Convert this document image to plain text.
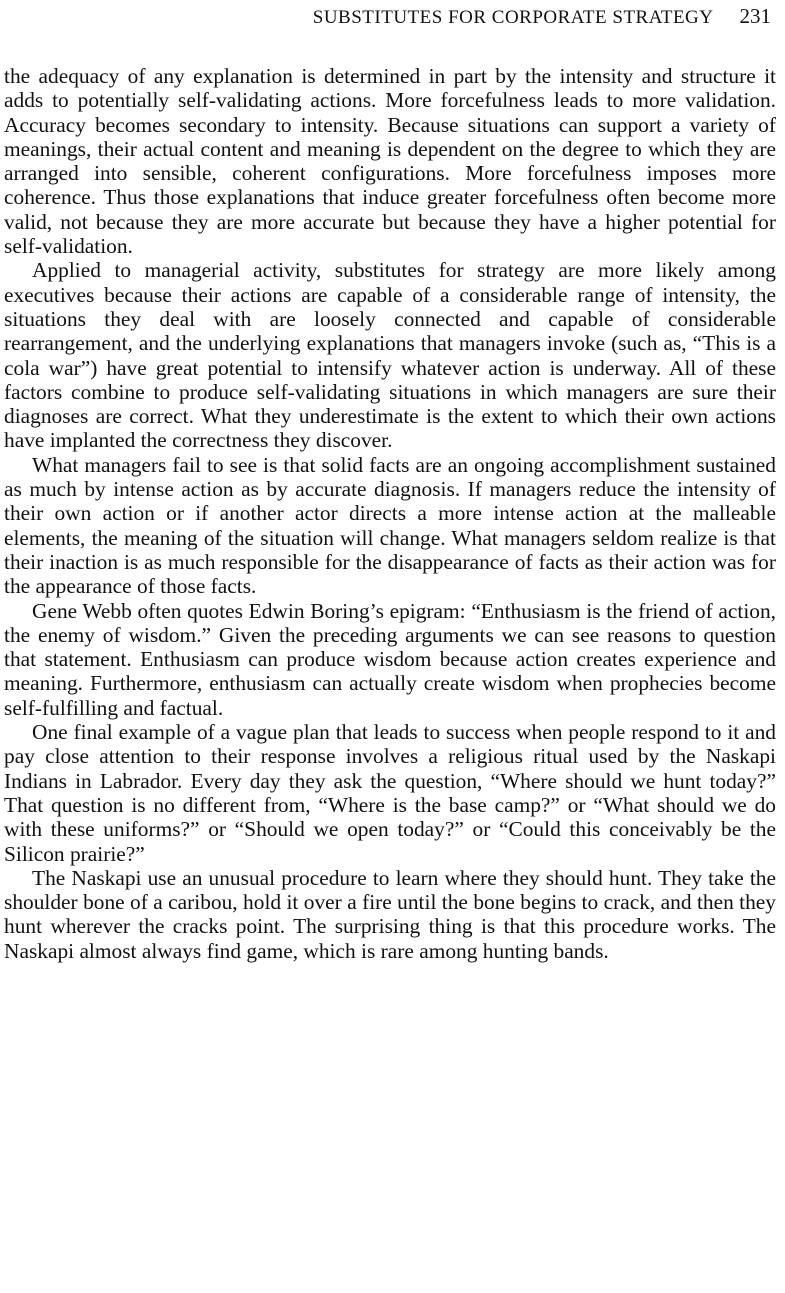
SUBSTITUTES FOR CORPORATE STRATEGY 231

the adequacy of any explanation is determined in part by the intensity and structure it adds to potentially self-validating actions. More forcefulness leads to more validation. Accuracy becomes secondary to intensity. Because situations can support a variety of meanings, their actual content and meaning is dependent on the degree to which they are arranged into sensible, coherent configurations. More forcefulness imposes more coherence. Thus those explanations that induce greater forcefulness often become more valid, not because they are more accurate but because they have a higher potential for self-validation.

Applied to managerial activity, substitutes for strategy are more likely among executives because their actions are capable of a considerable range of intensity, the situations they deal with are loosely connected and capable of considerable rearrangement, and the underlying explanations that managers invoke (such as, “This is a cola war”) have great potential to intensify whatever action is underway. All of these factors combine to produce self-validating situations in which managers are sure their diagnoses are correct. What they underestimate is the extent to which their own actions have implanted the correctness they discover.

What managers fail to see is that solid facts are an ongoing accomplishment sustained as much by intense action as by accurate diagnosis. If managers reduce the intensity of their own action or if another actor directs a more intense action at the malleable elements, the meaning of the situation will change. What managers seldom realize is that their inaction is as much responsible for the disappearance of facts as their action was for the appearance of those facts.

Gene Webb often quotes Edwin Boring’s epigram: “Enthusiasm is the friend of action, the enemy of wisdom.” Given the preceding arguments we can see reasons to question that statement. Enthusiasm can produce wisdom because action creates experience and meaning. Furthermore, enthusiasm can actually create wisdom when prophecies become self-fulfilling and factual.

One final example of a vague plan that leads to success when people respond to it and pay close attention to their response involves a religious ritual used by the Naskapi Indians in Labrador. Every day they ask the question, “Where should we hunt today?” That question is no different from, “Where is the base camp?” or “What should we do with these uniforms?” or “Should we open today?” or “Could this conceivably be the Silicon prairie?”

The Naskapi use an unusual procedure to learn where they should hunt. They take the shoulder bone of a caribou, hold it over a fire until the bone begins to crack, and then they hunt wherever the cracks point. The surprising thing is that this procedure works. The Naskapi almost always find game, which is rare among hunting bands.
